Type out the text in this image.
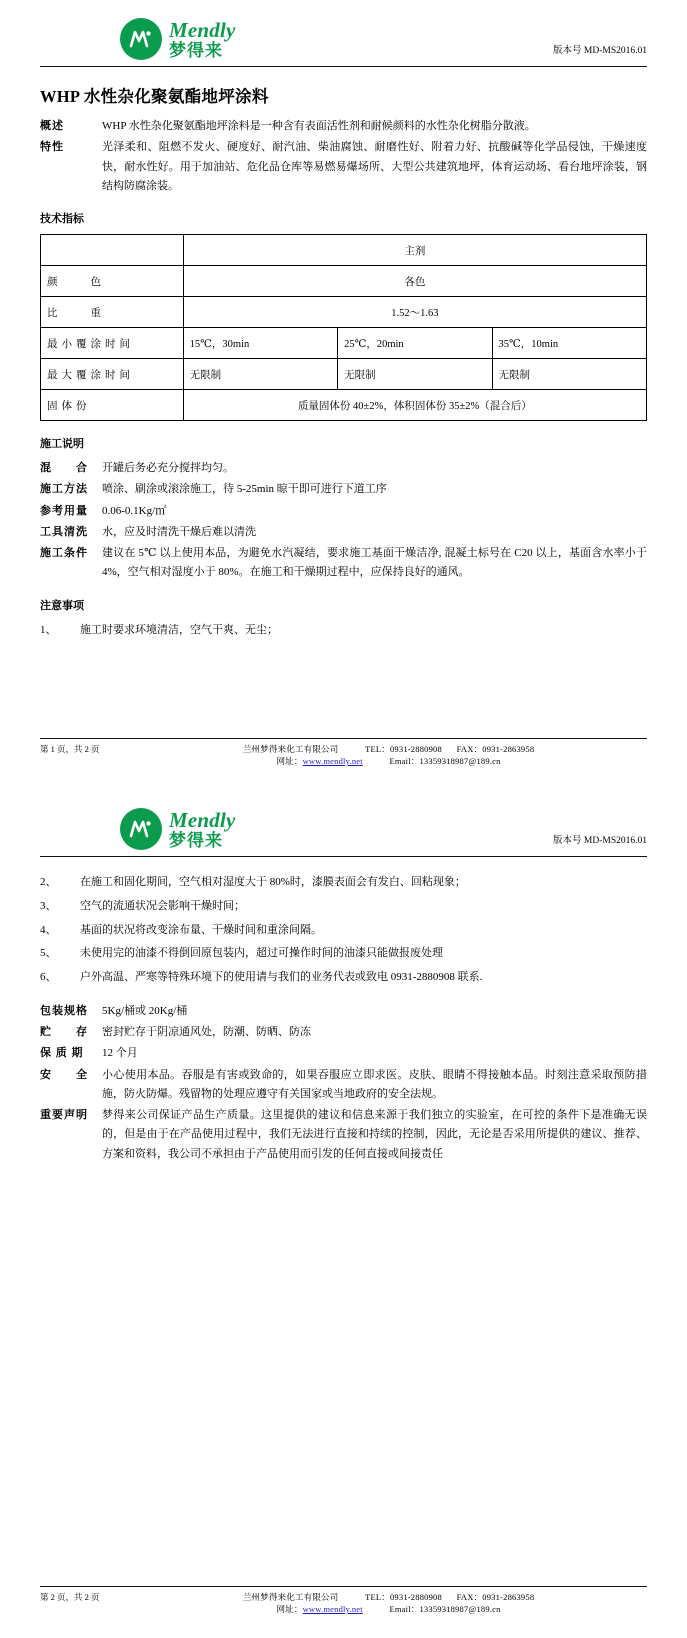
Mendly
梦得来	版本号 MD-MS2016.01
WHP 水性杂化聚氨酯地坪涂料
概述	WHP 水性杂化聚氨酯地坪涂料是一种含有表面活性剂和耐候颜料的水性杂化树脂分散液。
特性	光泽柔和、阻燃不发火、硬度好、耐汽油、柴油腐蚀、耐磨性好、附着力好、抗酸碱等化学品侵蚀，干燥速度快，耐水性好。用于加油站、危化品仓库等易燃易爆场所、大型公共建筑地坪，体育运动场、看台地坪涂装，钢结构防腐涂装。
技术指标
	主剂		
颜　　色	各色		
比　　重	1.52～1.63		
最小覆涂时间	15℃，30min	25℃，20min	35℃，10min
最大覆涂时间	无限制	无限制	无限制
固体份	质量固体份 40±2%，体积固体份 35±2%（混合后）		
施工说明
混　　合	开罐后务必充分搅拌均匀。
施工方法	喷涂、刷涂或滚涂施工，待 5-25min 晾干即可进行下道工序
参考用量	0.06-0.1Kg/㎡
工具清洗	水，应及时清洗干燥后难以清洗
施工条件	建议在 5℃ 以上使用本品，为避免水汽凝结，要求施工基面干燥洁净, 混凝土标号在 C20 以上，基面含水率小于 4%，空气相对湿度小于 80%。在施工和干燥期过程中，应保持良好的通风。
注意事项
1、	施工时要求环境清洁，空气干爽、无尘；
第 1 页，共 2 页	兰州梦得来化工有限公司	TEL：0931-2880908 FAX：0931-2863958
网址：www.mendly.net	Email：13359318987@189.cn
Mendly
梦得来	版本号 MD-MS2016.01
2、	在施工和固化期间，空气相对湿度大于 80%时，漆膜表面会有发白、回粘现象；
3、	空气的流通状况会影响干燥时间；
4、	基面的状况将改变涂布量、干燥时间和重涂间隔。
5、	未使用完的油漆不得倒回原包装内，超过可操作时间的油漆只能做报废处理
6、	户外高温、严寒等特殊环境下的使用请与我们的业务代表或致电 0931-2880908 联系.
包装规格	5Kg/桶或 20Kg/桶
贮　　存	密封贮存于阴凉通风处，防潮、防晒、防冻
保 质 期	12 个月
安　　全	小心使用本品。吞服是有害或致命的，如果吞服应立即求医。皮肤、眼睛不得接触本品。时刻注意采取预防措施，防火防爆。残留物的处理应遵守有关国家或当地政府的安全法规。
重要声明	梦得来公司保证产品生产质量。这里提供的建议和信息来源于我们独立的实验室，在可控的条件下是准确无误的，但是由于在产品使用过程中，我们无法进行直接和持续的控制，因此，无论是否采用所提供的建议、推荐、方案和资料，我公司不承担由于产品使用而引发的任何直接或间接责任
第 2 页，共 2 页	兰州梦得来化工有限公司	TEL：0931-2880908 FAX：0931-2863958
网址：www.mendly.net	Email：13359318987@189.cn
